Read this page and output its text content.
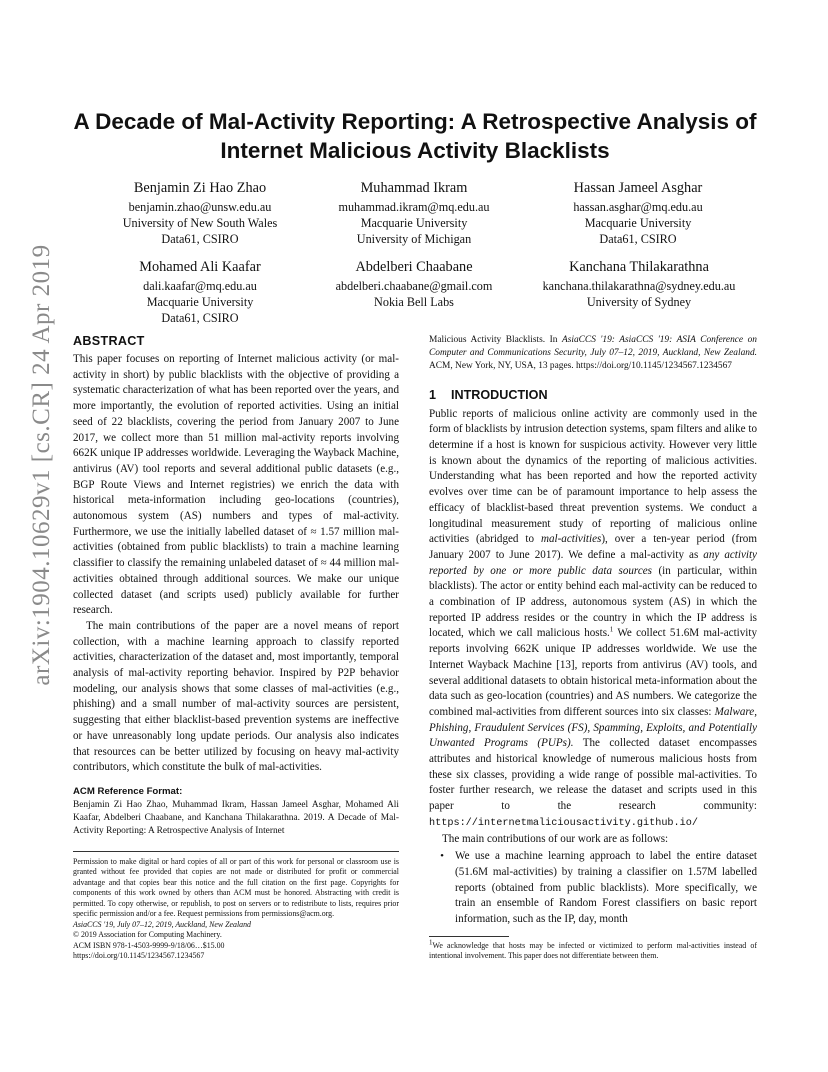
arXiv:1904.10629v1 [cs.CR] 24 Apr 2019
A Decade of Mal-Activity Reporting: A Retrospective Analysis of
Internet Malicious Activity Blacklists
Benjamin Zi Hao Zhao
benjamin.zhao@unsw.edu.au
University of New South Wales
Data61, CSIRO
Muhammad Ikram
muhammad.ikram@mq.edu.au
Macquarie University
University of Michigan
Hassan Jameel Asghar
hassan.asghar@mq.edu.au
Macquarie University
Data61, CSIRO
Mohamed Ali Kaafar
dali.kaafar@mq.edu.au
Macquarie University
Data61, CSIRO
Abdelberi Chaabane
abdelberi.chaabane@gmail.com
Nokia Bell Labs
Kanchana Thilakarathna
kanchana.thilakarathna@sydney.edu.au
University of Sydney
ABSTRACT

This paper focuses on reporting of Internet malicious activity (or mal-activity in short) by public blacklists with the objective of providing a systematic characterization of what has been reported over the years, and more importantly, the evolution of reported activities. Using an initial seed of 22 blacklists, covering the period from January 2007 to June 2017, we collect more than 51 million mal-activity reports involving 662K unique IP addresses worldwide. Leveraging the Wayback Machine, antivirus (AV) tool reports and several additional public datasets (e.g., BGP Route Views and Internet registries) we enrich the data with historical meta-information including geo-locations (countries), autonomous system (AS) numbers and types of mal-activity. Furthermore, we use the initially labelled dataset of ≈ 1.57 million mal-activities (obtained from public blacklists) to train a machine learning classifier to classify the remaining unlabeled dataset of ≈ 44 million mal-activities obtained through additional sources. We make our unique collected dataset (and scripts used) publicly available for further research.

The main contributions of the paper are a novel means of report collection, with a machine learning approach to classify reported activities, characterization of the dataset and, most importantly, temporal analysis of mal-activity reporting behavior. Inspired by P2P behavior modeling, our analysis shows that some classes of mal-activities (e.g., phishing) and a small number of mal-activity sources are persistent, suggesting that either blacklist-based prevention systems are ineffective or have unreasonably long update periods. Our analysis also indicates that resources can be better utilized by focusing on heavy mal-activity contributors, which constitute the bulk of mal-activities.

ACM Reference Format:

Benjamin Zi Hao Zhao, Muhammad Ikram, Hassan Jameel Asghar, Mohamed Ali Kaafar, Abdelberi Chaabane, and Kanchana Thilakarathna. 2019. A Decade of Mal-Activity Reporting: A Retrospective Analysis of Internet

Permission to make digital or hard copies of all or part of this work for personal or classroom use is granted without fee provided that copies are not made or distributed for profit or commercial advantage and that copies bear this notice and the full citation on the first page. Copyrights for components of this work owned by others than ACM must be honored. Abstracting with credit is permitted. To copy otherwise, or republish, to post on servers or to redistribute to lists, requires prior specific permission and/or a fee. Request permissions from permissions@acm.org.

AsiaCCS '19, July 07–12, 2019, Auckland, New Zealand

© 2019 Association for Computing Machinery.

ACM ISBN 978-1-4503-9999-9/18/06…$15.00

https://doi.org/10.1145/1234567.1234567

Malicious Activity Blacklists. In AsiaCCS '19: AsiaCCS '19: ASIA Conference on Computer and Communications Security, July 07–12, 2019, Auckland, New Zealand. ACM, New York, NY, USA, 13 pages. https://doi.org/10.1145/1234567.1234567

1 INTRODUCTION

Public reports of malicious online activity are commonly used in the form of blacklists by intrusion detection systems, spam filters and alike to determine if a host is known for suspicious activity. However very little is known about the dynamics of the reporting of malicious activities. Understanding what has been reported and how the reported activity evolves over time can be of paramount importance to help assess the efficacy of blacklist-based threat prevention systems. We conduct a longitudinal measurement study of reporting of malicious online activities (abridged to mal-activities), over a ten-year period (from January 2007 to June 2017). We define a mal-activity as any activity reported by one or more public data sources (in particular, within blacklists). The actor or entity behind each mal-activity can be reduced to a combination of IP address, autonomous system (AS) in which the reported IP address resides or the country in which the IP address is located, which we call malicious hosts.$^1$ We collect 51.6M mal-activity reports involving 662K unique IP addresses worldwide. We use the Internet Wayback Machine [13], reports from antivirus (AV) tools, and several additional datasets to obtain historical meta-information about the data such as geo-location (countries) and AS numbers. We categorize the combined mal-activities from different sources into six classes: Malware, Phishing, Fraudulent Services (FS), Spamming, Exploits, and Potentially Unwanted Programs (PUPs). The collected dataset encompasses attributes and historical knowledge of numerous malicious hosts from these six classes, providing a wide range of possible mal-activities. To foster further research, we release the dataset and scripts used in this paper to the research community: https://internetmaliciousactivity.github.io/

The main contributions of our work are as follows:

• We use a machine learning approach to label the entire dataset (51.6M mal-activities) by training a classifier on 1.57M labelled reports (obtained from public blacklists). More specifically, we train an ensemble of Random Forest classifiers on basic report information, such as the IP, day, month

$^1$We acknowledge that hosts may be infected or victimized to perform mal-activities instead of intentional involvement. This paper does not differentiate between them.
